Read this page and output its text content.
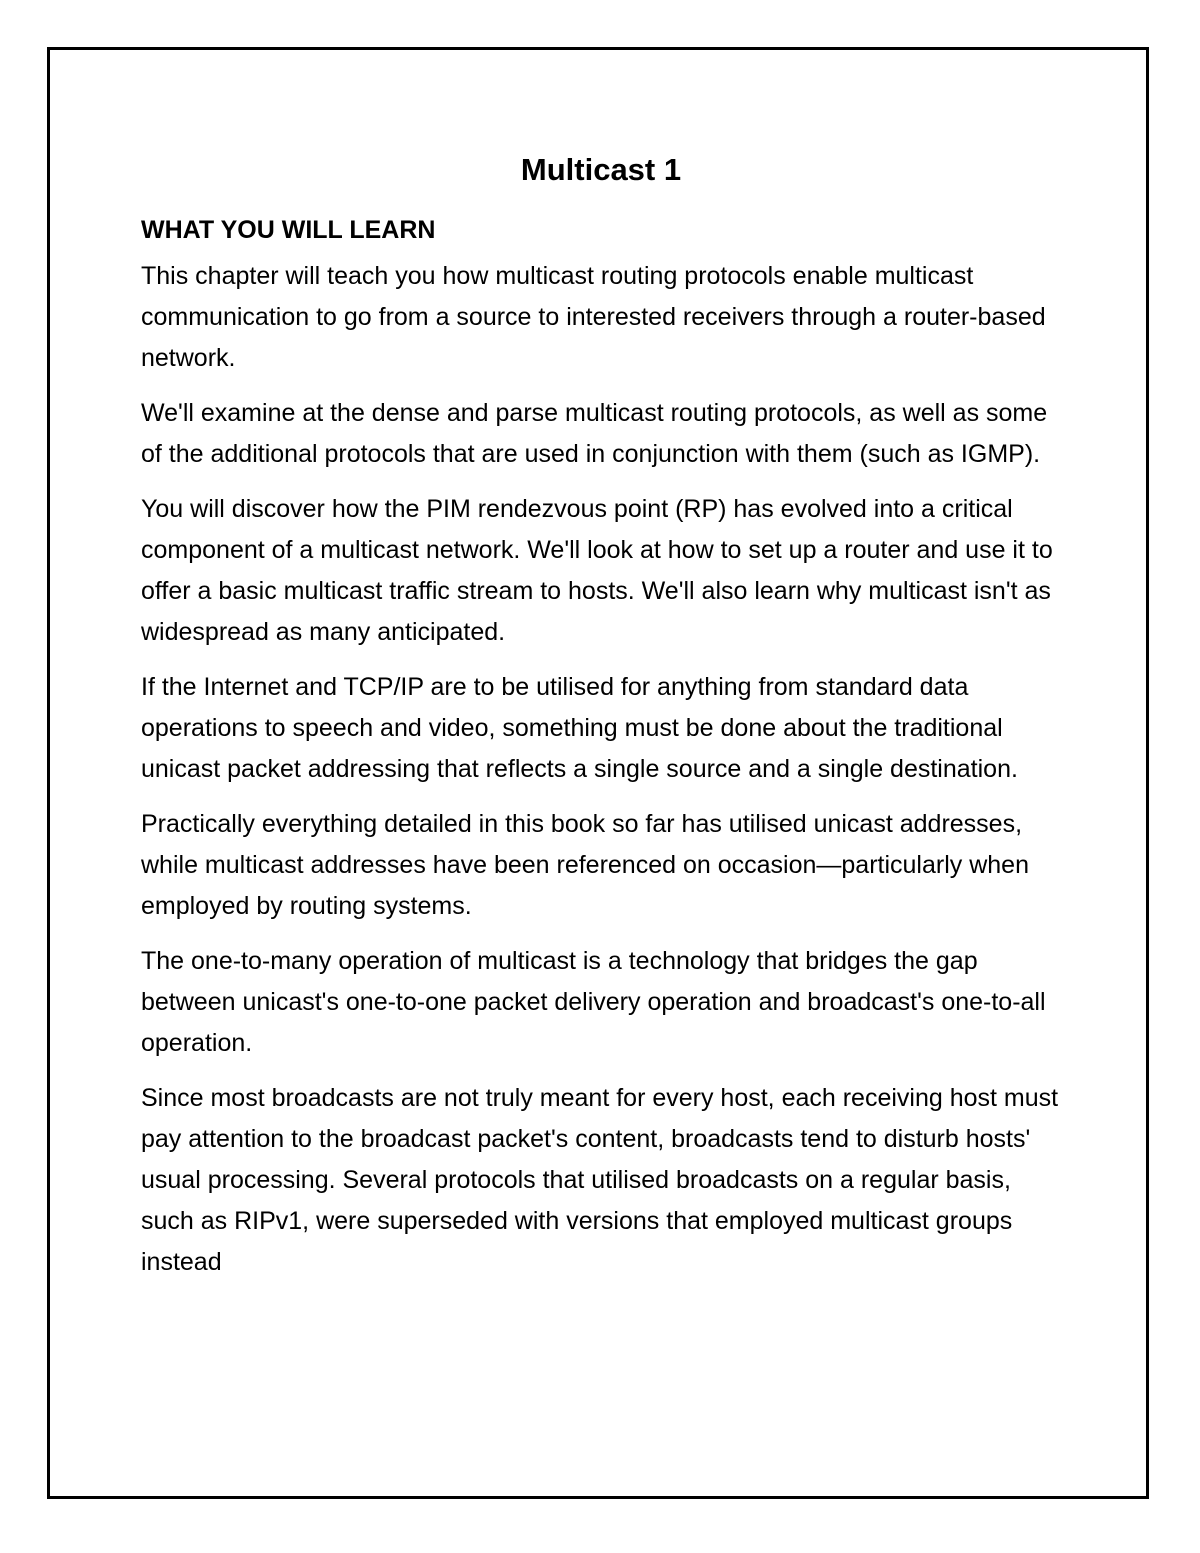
Multicast 1
WHAT YOU WILL LEARN

This chapter will teach you how multicast routing protocols enable multicast communication to go from a source to interested receivers through a router-based network.

We'll examine at the dense and parse multicast routing protocols, as well as some of the additional protocols that are used in conjunction with them (such as IGMP).

You will discover how the PIM rendezvous point (RP) has evolved into a critical component of a multicast network. We'll look at how to set up a router and use it to offer a basic multicast traffic stream to hosts. We'll also learn why multicast isn't as widespread as many anticipated.

If the Internet and TCP/IP are to be utilised for anything from standard data operations to speech and video, something must be done about the traditional unicast packet addressing that reflects a single source and a single destination.

Practically everything detailed in this book so far has utilised unicast addresses, while multicast addresses have been referenced on occasion—particularly when employed by routing systems.

The one-to-many operation of multicast is a technology that bridges the gap between unicast's one-to-one packet delivery operation and broadcast's one-to-all operation.

Since most broadcasts are not truly meant for every host, each receiving host must pay attention to the broadcast packet's content, broadcasts tend to disturb hosts' usual processing. Several protocols that utilised broadcasts on a regular basis, such as RIPv1, were superseded with versions that employed multicast groups instead
